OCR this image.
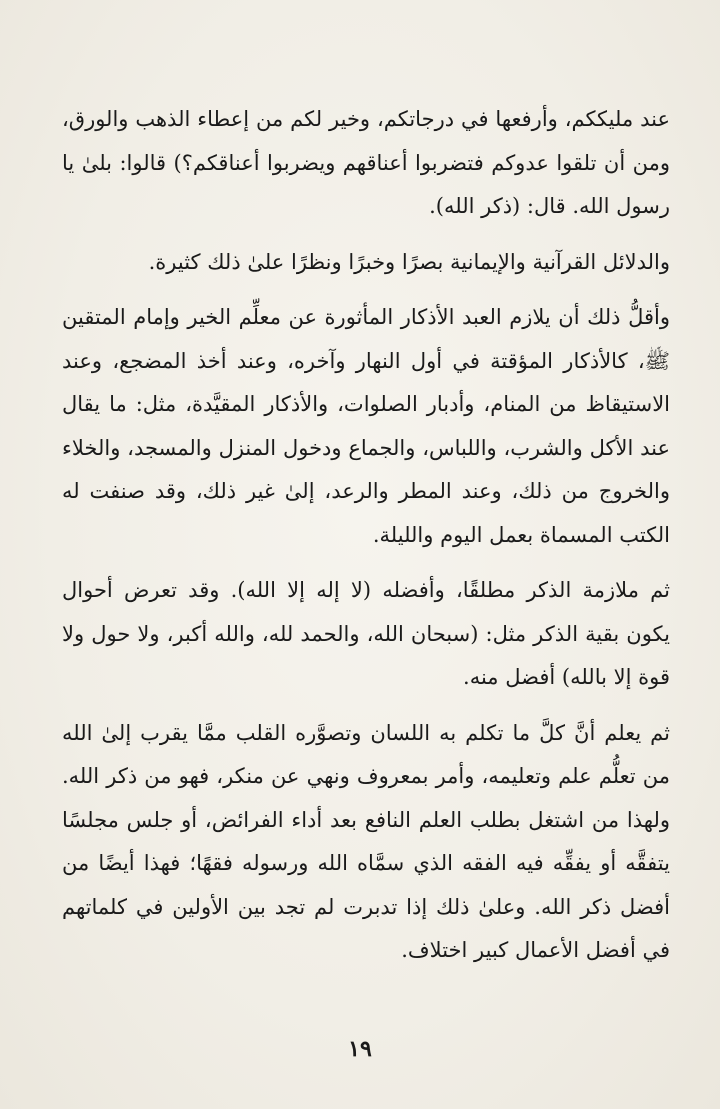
عند مليككم، وأرفعها في درجاتكم، وخير لكم من إعطاء الذهب والورق، ومن أن تلقوا عدوكم فتضربوا أعناقهم ويضربوا أعناقكم؟) قالوا: بلىٰ يا رسول الله. قال: (ذكر الله).

والدلائل القرآنية والإيمانية بصرًا وخبرًا ونظرًا علىٰ ذلك كثيرة.

وأقلُّ ذلك أن يلازم العبد الأذكار المأثورة عن معلِّم الخير وإمام المتقين ﷺ، كالأذكار المؤقتة في أول النهار وآخره، وعند أخذ المضجع، وعند الاستيقاظ من المنام، وأدبار الصلوات، والأذكار المقيَّدة، مثل: ما يقال عند الأكل والشرب، واللباس، والجماع ودخول المنزل والمسجد، والخلاء والخروج من ذلك، وعند المطر والرعد، إلىٰ غير ذلك، وقد صنفت له الكتب المسماة بعمل اليوم والليلة.

ثم ملازمة الذكر مطلقًا، وأفضله (لا إله إلا الله). وقد تعرض أحوال يكون بقية الذكر مثل: (سبحان الله، والحمد لله، والله أكبر، ولا حول ولا قوة إلا بالله) أفضل منه.

ثم يعلم أنَّ كلَّ ما تكلم به اللسان وتصوَّره القلب ممَّا يقرب إلىٰ الله من تعلُّم علم وتعليمه، وأمر بمعروف ونهي عن منكر، فهو من ذكر الله. ولهذا من اشتغل بطلب العلم النافع بعد أداء الفرائض، أو جلس مجلسًا يتفقَّه أو يفقِّه فيه الفقه الذي سمَّاه الله ورسوله فقهًا؛ فهذا أيضًا من أفضل ذكر الله. وعلىٰ ذلك إذا تدبرت لم تجد بين الأولين في كلماتهم في أفضل الأعمال كبير اختلاف.

١٩
